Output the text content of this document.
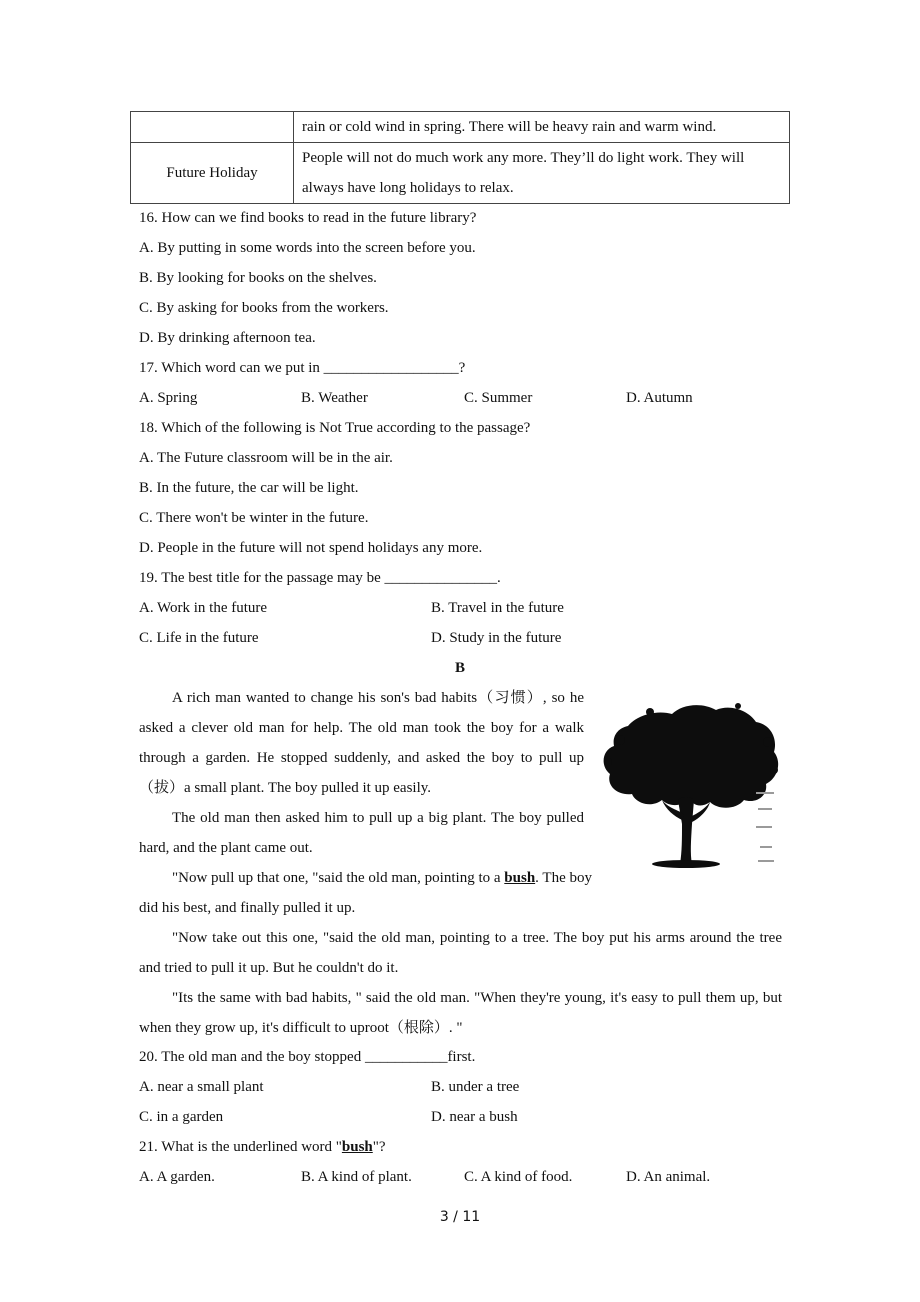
	rain or cold wind in spring. There will be heavy rain and warm wind.
Future Holiday	People will not do much work any more. They’ll do light work. They will always have long holidays to relax.
16. How can we find books to read in the future library?
A. By putting in some words into the screen before you.
B. By looking for books on the shelves.
C. By asking for books from the workers.
D. By drinking afternoon tea.
17. Which word can we put in __________________?
A. Spring	B. Weather	C. Summer	D. Autumn
18. Which of the following is Not True according to the passage?
A. The Future classroom will be in the air.
B. In the future, the car will be light.
C. There won't be winter in the future.
D. People in the future will not spend holidays any more.
19. The best title for the passage may be _______________.
A. Work in the future	B. Travel in the future
C. Life in the future	D. Study in the future
B

A rich man wanted to change his son's bad habits（习惯）, so he asked a clever old man for help. The old man took the boy for a walk through a garden. He stopped suddenly, and asked the boy to pull up（拔）a small plant. The boy pulled it up easily.

The old man then asked him to pull up a big plant. The boy pulled hard, and the plant came out.

"Now pull up that one, "said the old man, pointing to a bush. The boy did his best, and finally pulled it up.

"Now take out this one, "said the old man, pointing to a tree. The boy put his arms around the tree and tried to pull it up. But he couldn't do it.

"Its the same with bad habits, " said the old man. "When they're young, it's easy to pull them up, but when they grow up, it's difficult to uproot（根除）. "

20. The old man and the boy stopped ___________first.
A. near a small plant	B. under a tree
C. in a garden	D. near a bush
21. What is the underlined word "bush"?
A. A garden.	B. A kind of plant.	C. A kind of food.	D. An animal.
3 / 11
